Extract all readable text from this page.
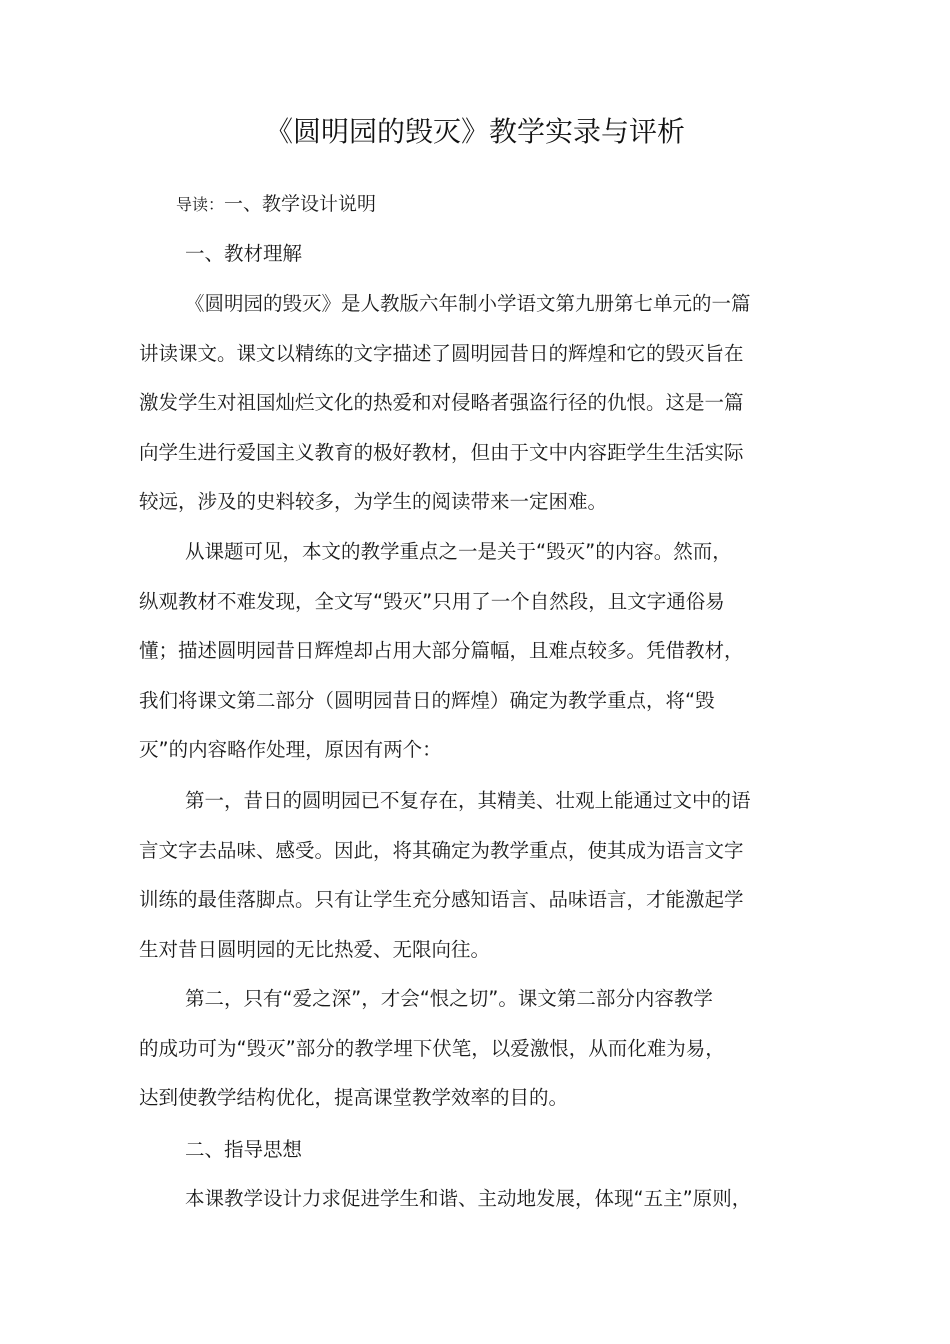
《圆明园的毁灭》教学实录与评析
导读：一、教学设计说明
一、教材理解
《圆明园的毁灭》是人教版六年制小学语文第九册第七单元的一篇
讲读课文。课文以精练的文字描述了圆明园昔日的辉煌和它的毁灭旨在
激发学生对祖国灿烂文化的热爱和对侵略者强盗行径的仇恨。这是一篇
向学生进行爱国主义教育的极好教材，但由于文中内容距学生生活实际
较远，涉及的史料较多，为学生的阅读带来一定困难。
从课题可见，本文的教学重点之一是关于“毁灭”的内容。然而，
纵观教材不难发现，全文写“毁灭”只用了一个自然段，且文字通俗易
懂；描述圆明园昔日辉煌却占用大部分篇幅，且难点较多。凭借教材，
我们将课文第二部分（圆明园昔日的辉煌）确定为教学重点，将“毁
灭”的内容略作处理，原因有两个：
第一，昔日的圆明园已不复存在，其精美、壮观上能通过文中的语
言文字去品味、感受。因此，将其确定为教学重点，使其成为语言文字
训练的最佳落脚点。只有让学生充分感知语言、品味语言，才能激起学
生对昔日圆明园的无比热爱、无限向往。
第二，只有“爱之深”，才会“恨之切”。课文第二部分内容教学
的成功可为“毁灭”部分的教学埋下伏笔，以爱激恨，从而化难为易，
达到使教学结构优化，提高课堂教学效率的目的。
二、指导思想
本课教学设计力求促进学生和谐、主动地发展，体现“五主”原则，
